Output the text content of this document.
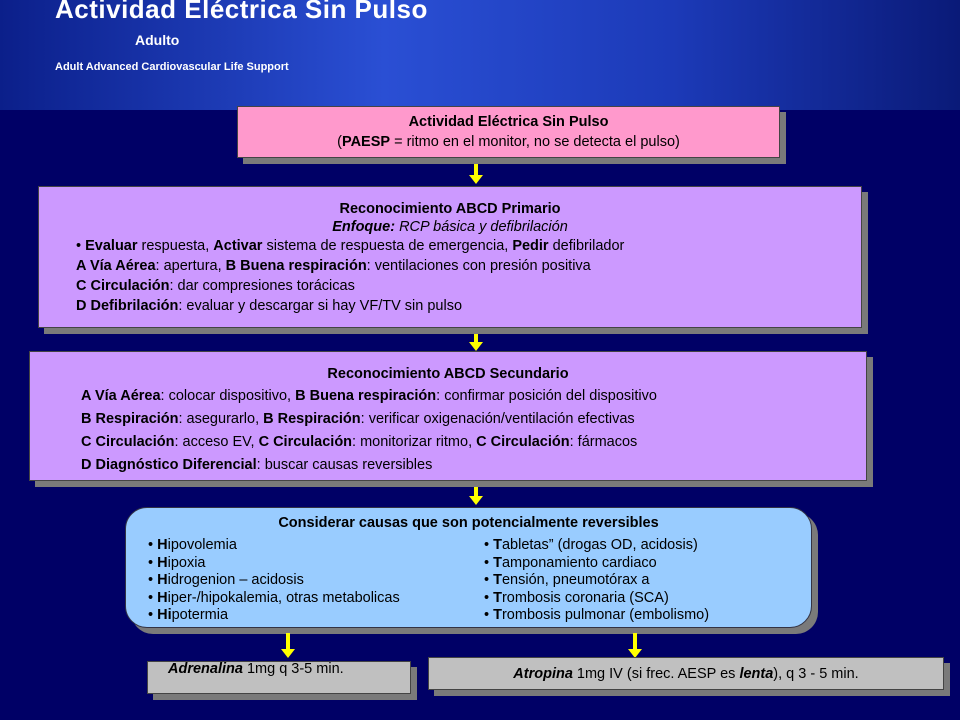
Actividad Eléctrica Sin Pulso
Adulto
Adult Advanced Cardiovascular Life Support
Actividad Eléctrica Sin Pulso
(PAESP = ritmo en el monitor, no se detecta el pulso)
Reconocimiento ABCD Primario
Enfoque: RCP básica y defibrilación
• Evaluar respuesta, Activar sistema de respuesta de emergencia, Pedir defibrilador
A Vía Aérea: apertura, B Buena respiración: ventilaciones con presión positiva
C Circulación: dar compresiones torácicas
D Defibrilación: evaluar y descargar si hay VF/TV sin pulso
Reconocimiento ABCD Secundario
A Vía Aérea: colocar dispositivo, B Buena respiración: confirmar posición del dispositivo
B Respiración: asegurarlo, B Respiración: verificar oxigenación/ventilación efectivas
C Circulación: acceso EV, C Circulación: monitorizar ritmo, C Circulación: fármacos
D Diagnóstico Diferencial: buscar causas reversibles
Considerar causas que son potencialmente reversibles
• Hipovolemia
• Hipoxia
• Hidrogenion – acidosis
• Hiper-/hipokalemia, otras metabolicas
• Hipotermia
• Tabletas” (drogas OD, acidosis)
• Tamponamiento cardiaco
• Tensión, pneumotórax a
• Trombosis coronaria (SCA)
• Trombosis pulmonar (embolismo)
Adrenalina 1mg q 3-5 min.	Atropina 1mg IV (si frec. AESP es lenta), q 3 - 5 min.
